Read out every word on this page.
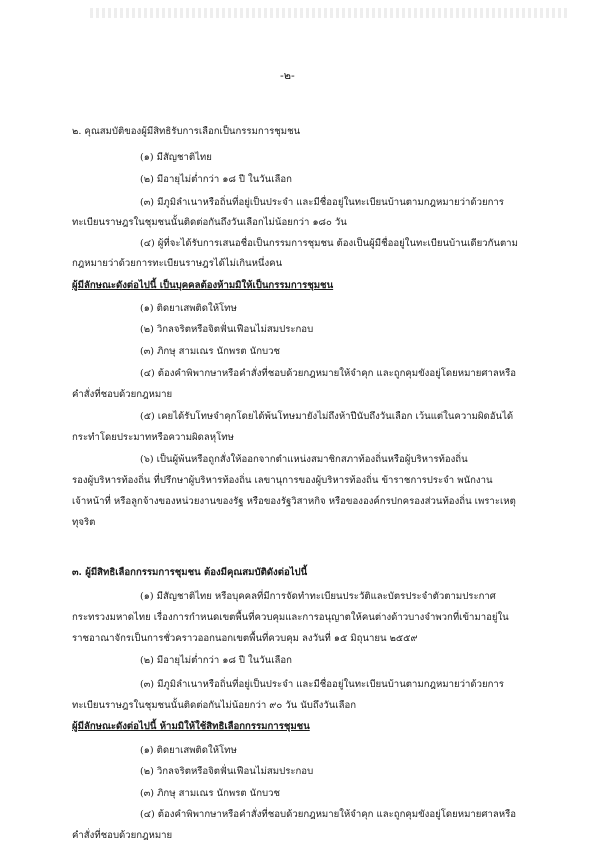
-๒-
๒. คุณสมบัติของผู้มีสิทธิรับการเลือกเป็นกรรมการชุมชน
(๑) มีสัญชาติไทย
(๒) มีอายุไม่ต่ำกว่า ๑๘ ปี ในวันเลือก
(๓) มีภูมิลำเนาหรือถิ่นที่อยู่เป็นประจำ และมีชื่ออยู่ในทะเบียนบ้านตามกฎหมายว่าด้วยการ
ทะเบียนราษฎรในชุมชนนั้นติดต่อกันถึงวันเลือกไม่น้อยกว่า ๑๘๐ วัน
(๔) ผู้ที่จะได้รับการเสนอชื่อเป็นกรรมการชุมชน ต้องเป็นผู้มีชื่ออยู่ในทะเบียนบ้านเดียวกันตาม
กฎหมายว่าด้วยการทะเบียนราษฎรได้ไม่เกินหนึ่งคน
ผู้มีลักษณะดังต่อไปนี้ เป็นบุคคลต้องห้ามมิให้เป็นกรรมการชุมชน
(๑) ติดยาเสพติดให้โทษ
(๒) วิกลจริตหรือจิตฟั่นเฟือนไม่สมประกอบ
(๓) ภิกษุ สามเณร นักพรต นักบวช
(๔) ต้องคำพิพากษาหรือคำสั่งที่ชอบด้วยกฎหมายให้จำคุก และถูกคุมขังอยู่โดยหมายศาลหรือ
คำสั่งที่ชอบด้วยกฎหมาย
(๕) เคยได้รับโทษจำคุกโดยได้พ้นโทษมายังไม่ถึงห้าปีนับถึงวันเลือก เว้นแต่ในความผิดอันได้
กระทำโดยประมาทหรือความผิดลหุโทษ
(๖) เป็นผู้พ้นหรือถูกสั่งให้ออกจากตำแหน่งสมาชิกสภาท้องถิ่นหรือผู้บริหารท้องถิ่น
รองผู้บริหารท้องถิ่น ที่ปรึกษาผู้บริหารท้องถิ่น เลขานุการของผู้บริหารท้องถิ่น ข้าราชการประจำ พนักงาน
เจ้าหน้าที่ หรือลูกจ้างของหน่วยงานของรัฐ หรือของรัฐวิสาหกิจ หรือขององค์กรปกครองส่วนท้องถิ่น เพราะเหตุ
ทุจริต
๓. ผู้มีสิทธิเลือกกรรมการชุมชน ต้องมีคุณสมบัติดังต่อไปนี้
(๑) มีสัญชาติไทย หรือบุคคลที่มีการจัดทำทะเบียนประวัติและบัตรประจำตัวตามประกาศ
กระทรวงมหาดไทย เรื่องการกำหนดเขตพื้นที่ควบคุมและการอนุญาตให้คนต่างด้าวบางจำพวกที่เข้ามาอยู่ใน
ราชอาณาจักรเป็นการชั่วคราวออกนอกเขตพื้นที่ควบคุม ลงวันที่ ๑๕ มิถุนายน ๒๕๕๙
(๒) มีอายุไม่ต่ำกว่า ๑๘ ปี ในวันเลือก
(๓) มีภูมิลำเนาหรือถิ่นที่อยู่เป็นประจำ และมีชื่ออยู่ในทะเบียนบ้านตามกฎหมายว่าด้วยการ
ทะเบียนราษฎรในชุมชนนั้นติดต่อกันไม่น้อยกว่า ๙๐ วัน นับถึงวันเลือก
ผู้มีลักษณะดังต่อไปนี้ ห้ามมิให้ใช้สิทธิเลือกกรรมการชุมชน
(๑) ติดยาเสพติดให้โทษ
(๒) วิกลจริตหรือจิตฟั่นเฟือนไม่สมประกอบ
(๓) ภิกษุ สามเณร นักพรต นักบวช
(๔) ต้องคำพิพากษาหรือคำสั่งที่ชอบด้วยกฎหมายให้จำคุก และถูกคุมขังอยู่โดยหมายศาลหรือ
คำสั่งที่ชอบด้วยกฎหมาย
